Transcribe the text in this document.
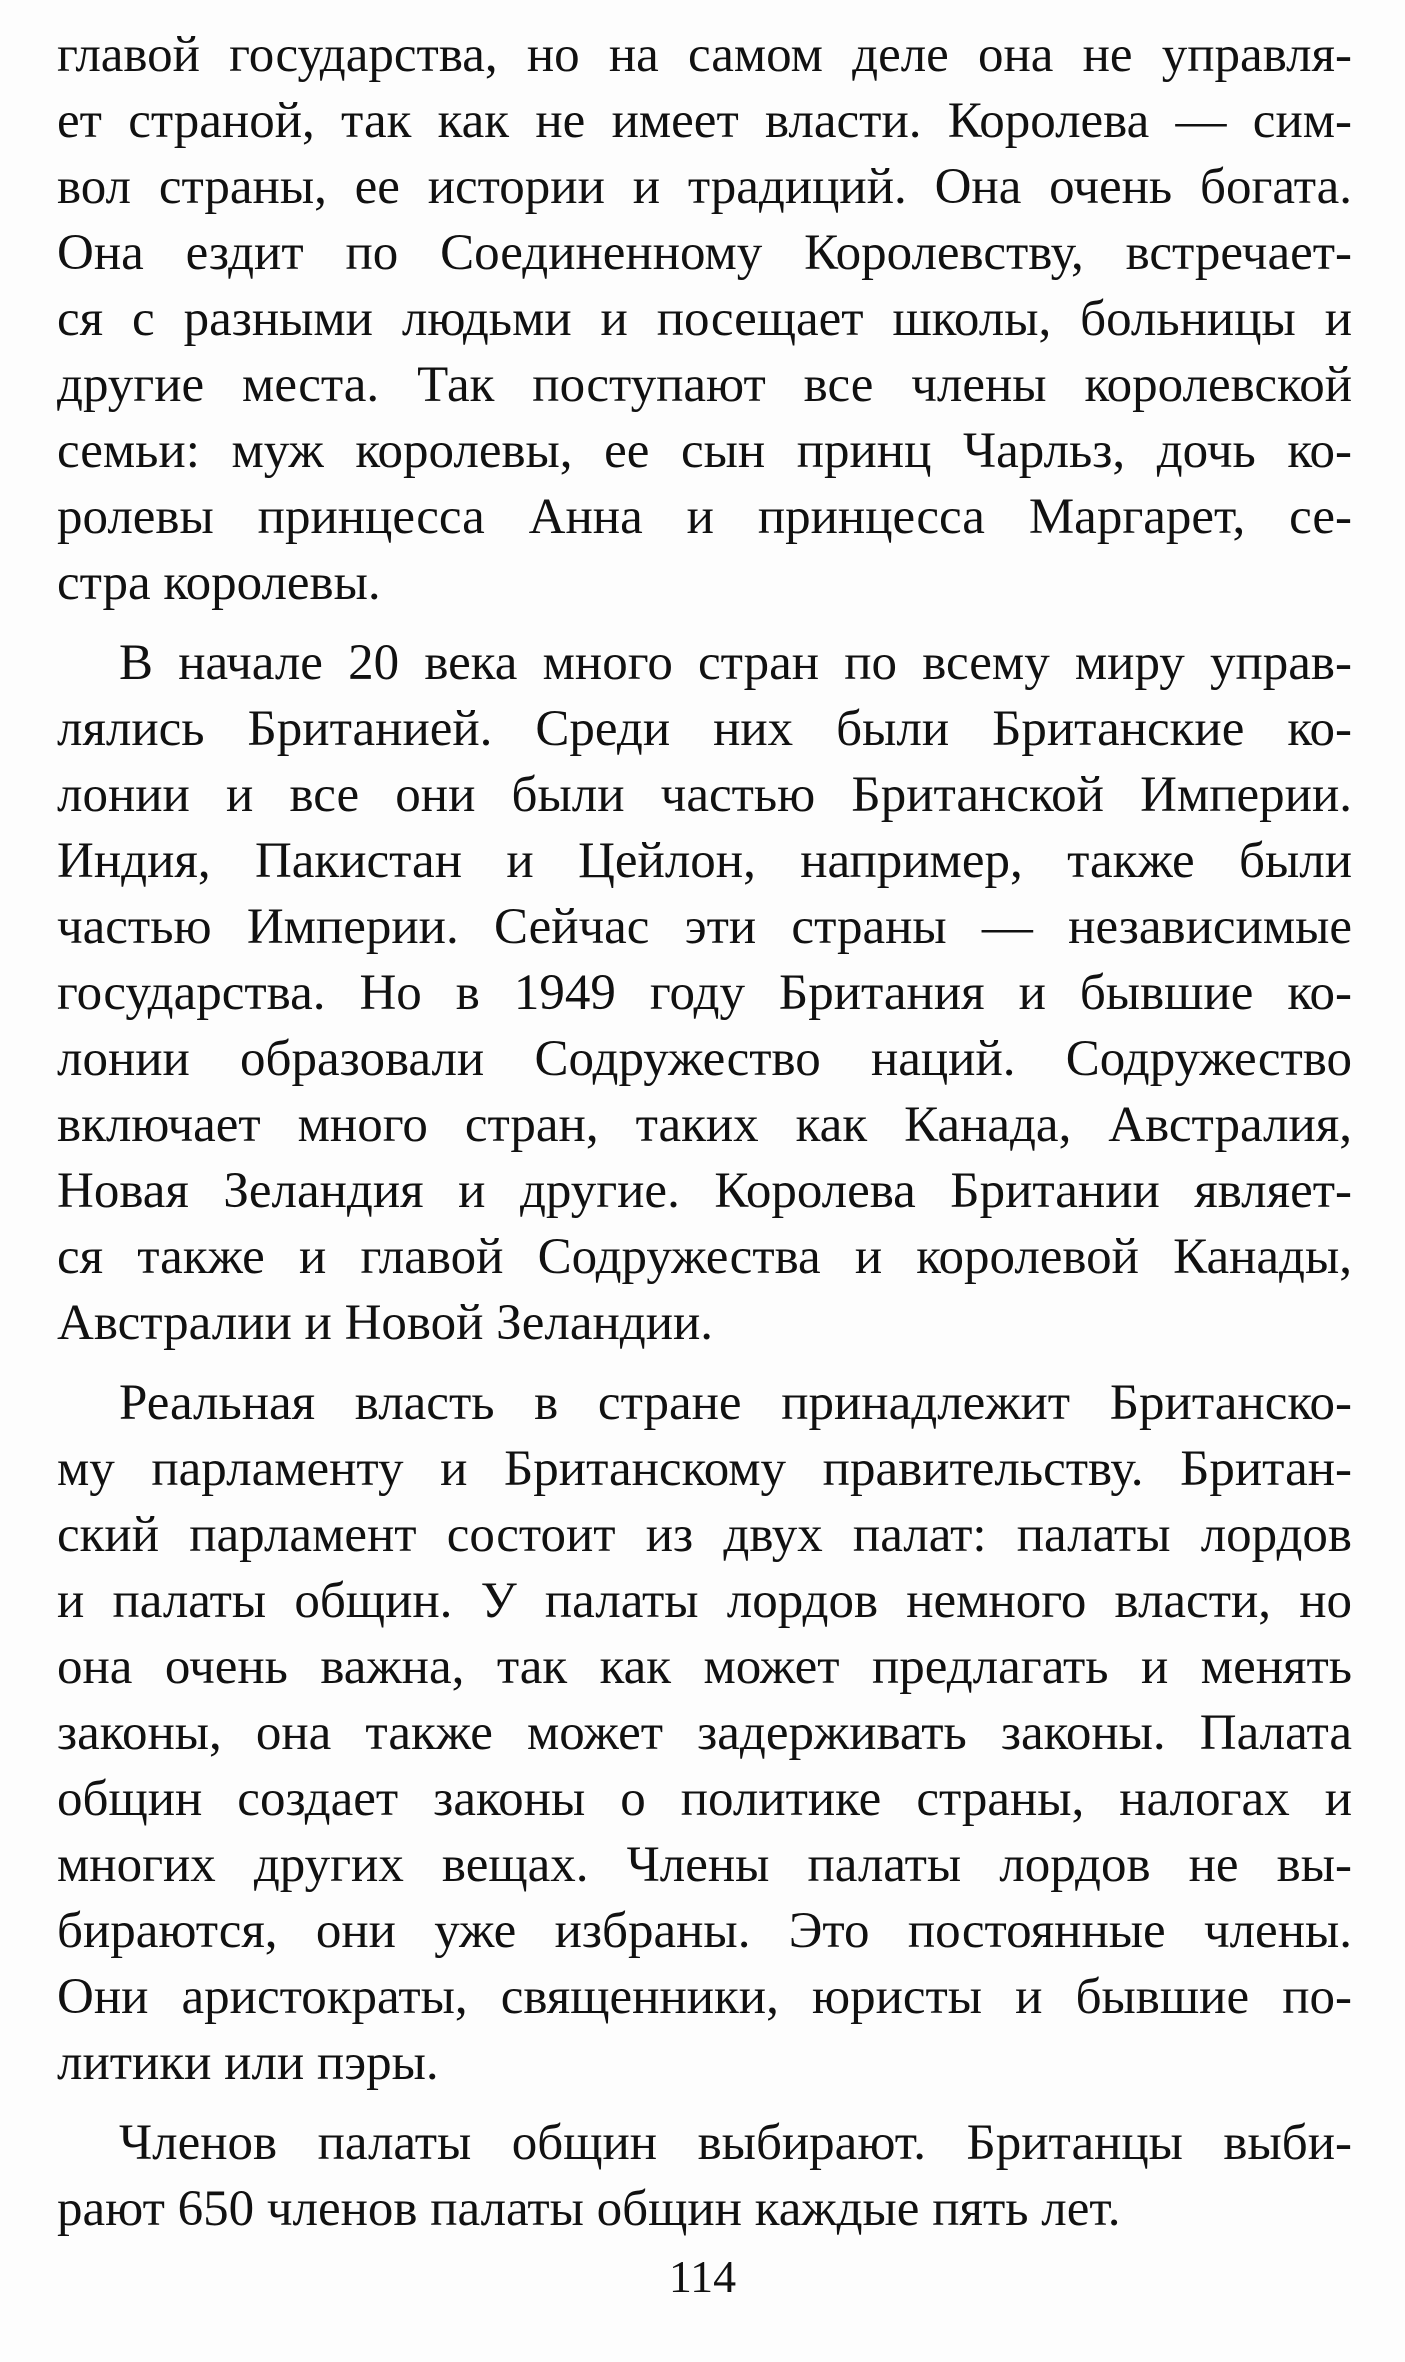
главой государства, но на самом деле она не управля-
ет страной, так как не имеет власти. Королева — сим-
вол страны, ее истории и традиций. Она очень богата.
Она ездит по Соединенному Королевству, встречает-
ся с разными людьми и посещает школы, больницы и
другие места. Так поступают все члены королевской
семьи: муж королевы, ее сын принц Чарльз, дочь ко-
ролевы принцесса Анна и принцесса Маргарет, се-
стра королевы.
В начале 20 века много стран по всему миру управ-
лялись Британией. Среди них были Британские ко-
лонии и все они были частью Британской Империи.
Индия, Пакистан и Цейлон, например, также были
частью Империи. Сейчас эти страны — независимые
государства. Но в 1949 году Британия и бывшие ко-
лонии образовали Содружество наций. Содружество
включает много стран, таких как Канада, Австралия,
Новая Зеландия и другие. Королева Британии являет-
ся также и главой Содружества и королевой Канады,
Австралии и Новой Зеландии.
Реальная власть в стране принадлежит Британско-
му парламенту и Британскому правительству. Британ-
ский парламент состоит из двух палат: палаты лордов
и палаты общин. У палаты лордов немного власти, но
она очень важна, так как может предлагать и менять
законы, она также может задерживать законы. Палата
общин создает законы о политике страны, налогах и
многих других вещах. Члены палаты лордов не вы-
бираются, они уже избраны. Это постоянные члены.
Они аристократы, священники, юристы и бывшие по-
литики или пэры.
Членов палаты общин выбирают. Британцы выби-
рают 650 членов палаты общин каждые пять лет.
114
